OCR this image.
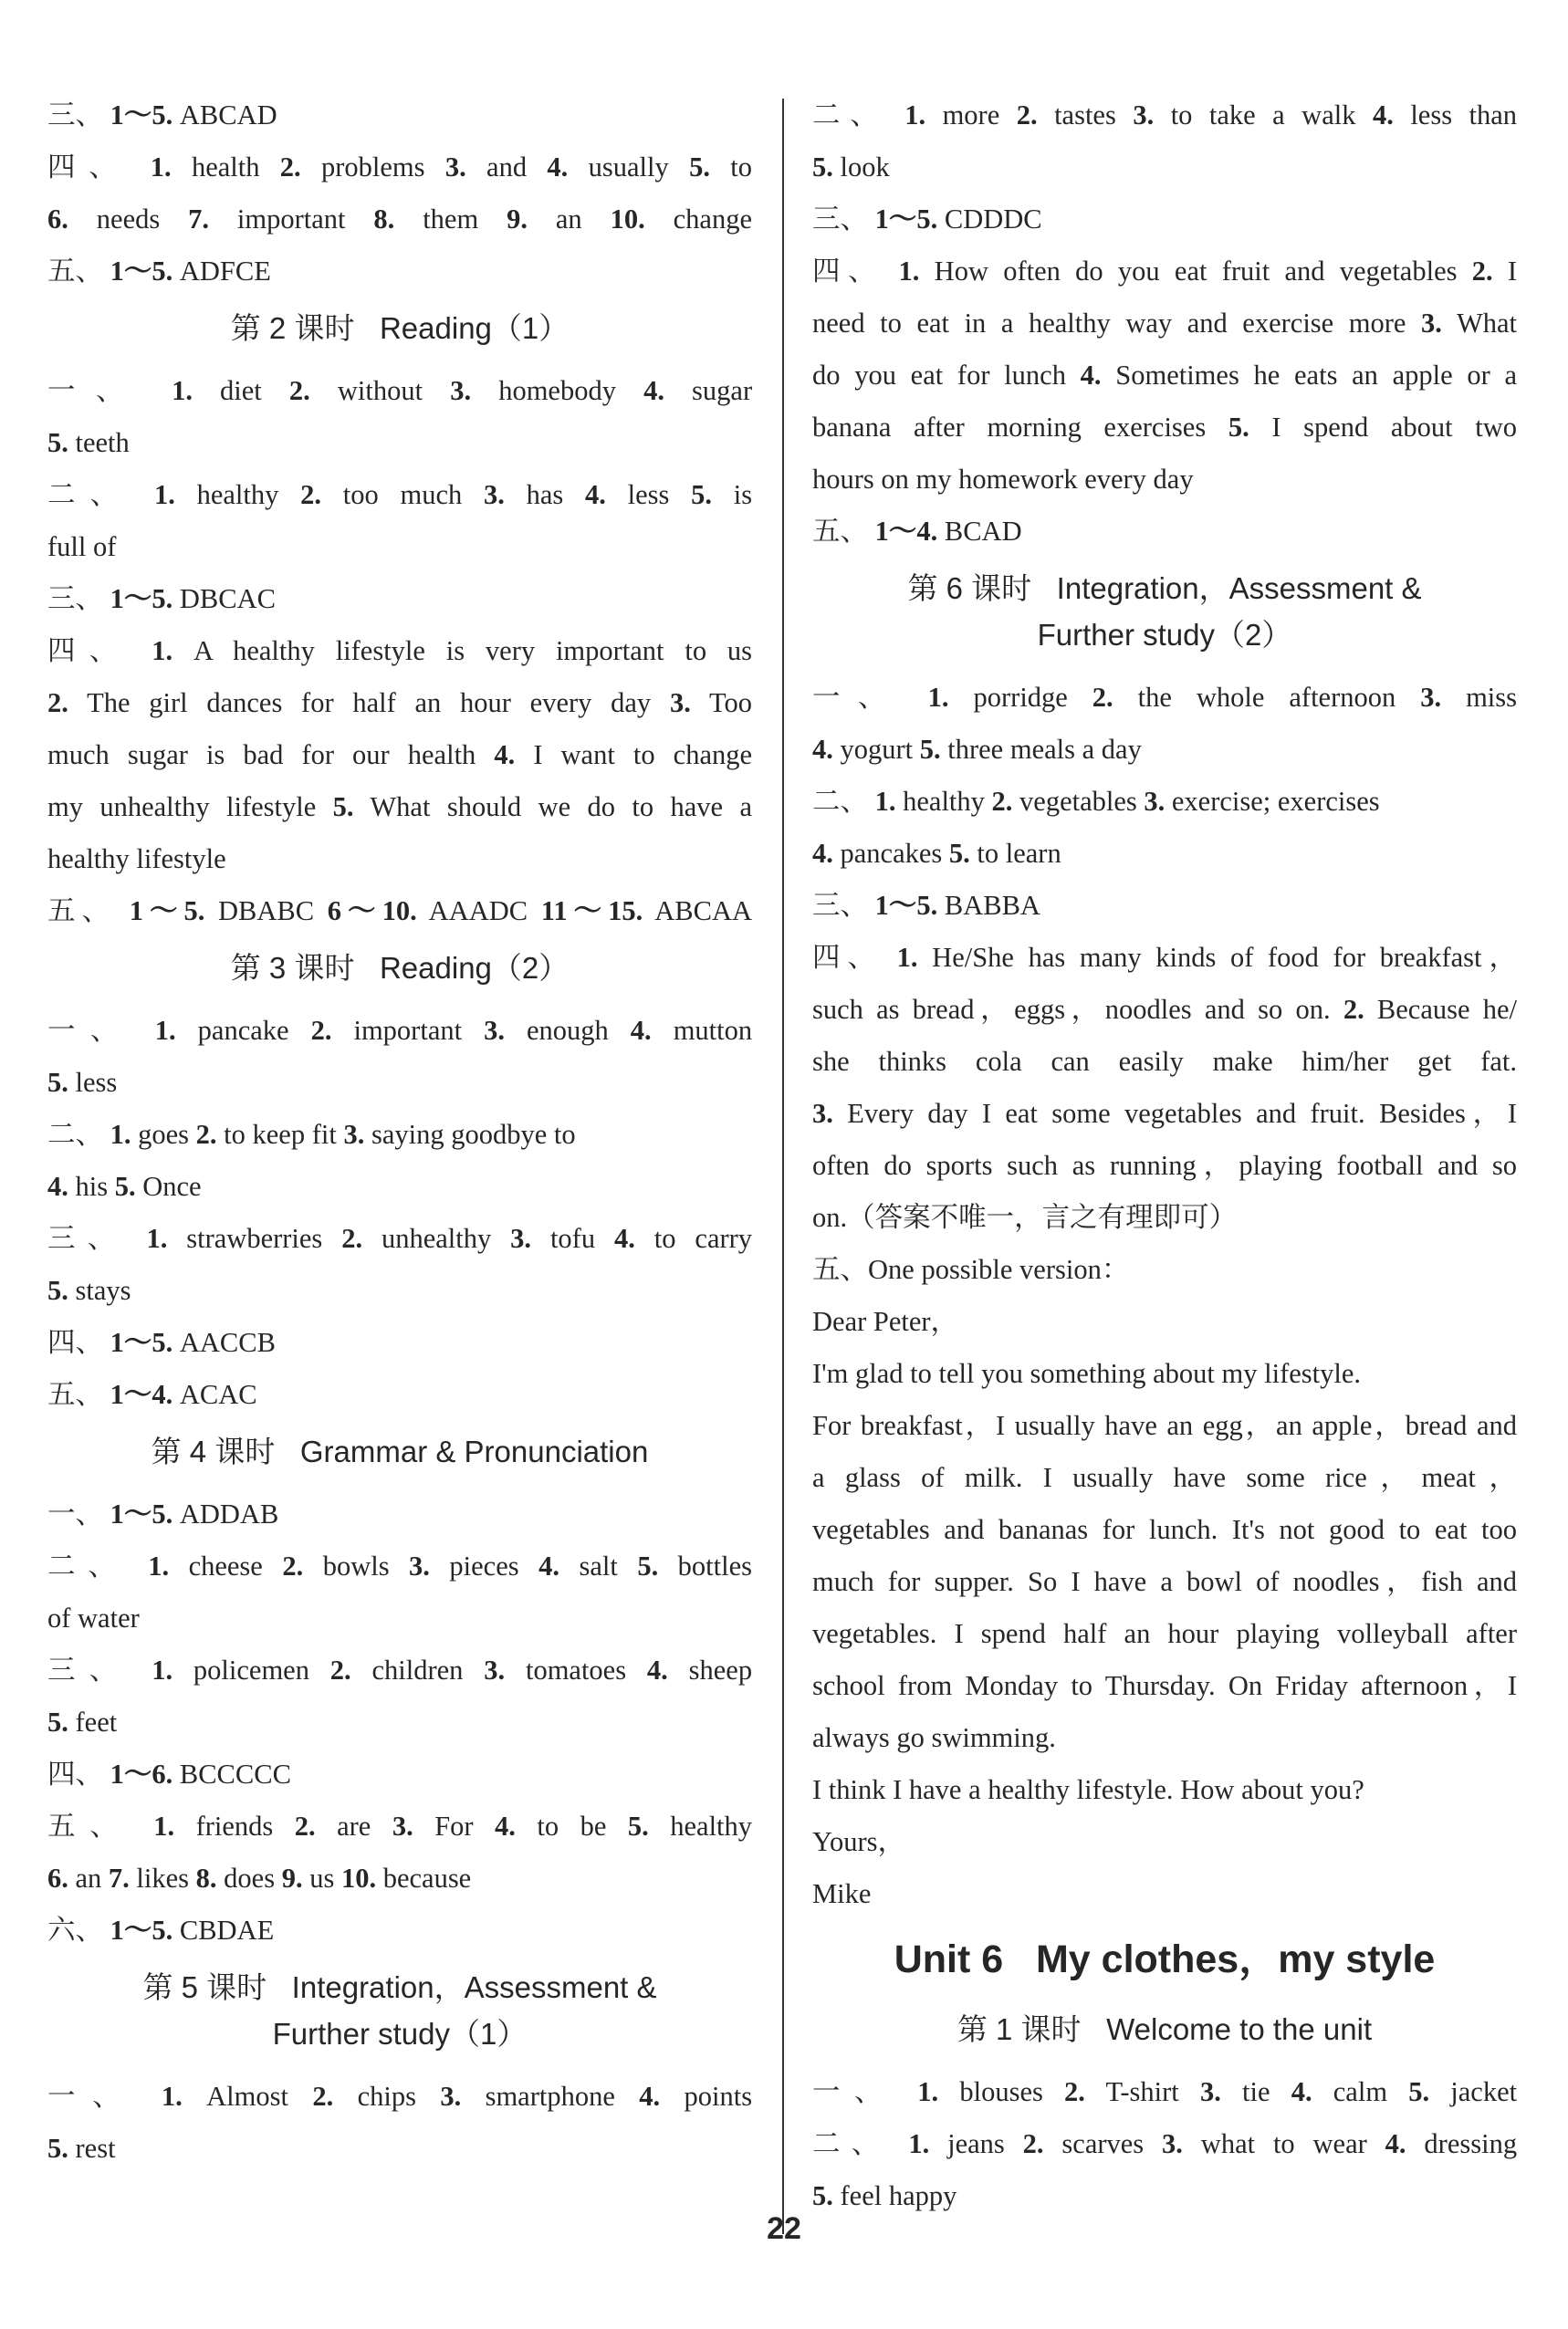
三、 1～5. ABCAD
四、 1. health 2. problems 3. and 4. usually 5. to
6. needs 7. important 8. them 9. an 10. change
五、 1～5. ADFCE
第 2 课时 Reading（1）
一、 1. diet 2. without 3. homebody 4. sugar
5. teeth
二、 1. healthy 2. too much 3. has 4. less 5. is
full of
三、 1～5. DBCAC
四、 1. A healthy lifestyle is very important to us
2. The girl dances for half an hour every day 3. Too
much sugar is bad for our health 4. I want to change
my unhealthy lifestyle 5. What should we do to have a
healthy lifestyle
五、 1～5. DBABC 6～10. AAADC 11～15. ABCAA
第 3 课时 Reading（2）
一、 1. pancake 2. important 3. enough 4. mutton
5. less
二、 1. goes 2. to keep fit 3. saying goodbye to
4. his 5. Once
三、 1. strawberries 2. unhealthy 3. tofu 4. to carry
5. stays
四、 1～5. AACCB
五、 1～4. ACAC
第 4 课时 Grammar & Pronunciation
一、 1～5. ADDAB
二、 1. cheese 2. bowls 3. pieces 4. salt 5. bottles
of water
三、 1. policemen 2. children 3. tomatoes 4. sheep
5. feet
四、 1～6. BCCCCC
五、 1. friends 2. are 3. For 4. to be 5. healthy
6. an 7. likes 8. does 9. us 10. because
六、 1～5. CBDAE
第 5 课时 Integration，Assessment &
Further study（1）
一、 1. Almost 2. chips 3. smartphone 4. points
5. rest
二、 1. more 2. tastes 3. to take a walk 4. less than
5. look
三、 1～5. CDDDC
四、 1. How often do you eat fruit and vegetables 2. I
need to eat in a healthy way and exercise more 3. What
do you eat for lunch 4. Sometimes he eats an apple or a
banana after morning exercises 5. I spend about two
hours on my homework every day
五、 1～4. BCAD
第 6 课时 Integration，Assessment &
Further study（2）
一、 1. porridge 2. the whole afternoon 3. miss
4. yogurt 5. three meals a day
二、 1. healthy 2. vegetables 3. exercise; exercises
4. pancakes 5. to learn
三、 1～5. BABBA
四、 1. He/She has many kinds of food for breakfast，
such as bread，eggs，noodles and so on. 2. Because he/
she thinks cola can easily make him/her get fat.
3. Every day I eat some vegetables and fruit. Besides，I
often do sports such as running，playing football and so
on.（答案不唯一，言之有理即可）
五、One possible version：
Dear Peter，
I'm glad to tell you something about my lifestyle.
For breakfast，I usually have an egg，an apple，bread and
a glass of milk. I usually have some rice，meat，
vegetables and bananas for lunch. It's not good to eat too
much for supper. So I have a bowl of noodles，fish and
vegetables. I spend half an hour playing volleyball after
school from Monday to Thursday. On Friday afternoon，I
always go swimming.
I think I have a healthy lifestyle. How about you?
Yours，
Mike
Unit 6 My clothes，my style
第 1 课时 Welcome to the unit
一、 1. blouses 2. T-shirt 3. tie 4. calm 5. jacket
二、 1. jeans 2. scarves 3. what to wear 4. dressing
5. feel happy
22
